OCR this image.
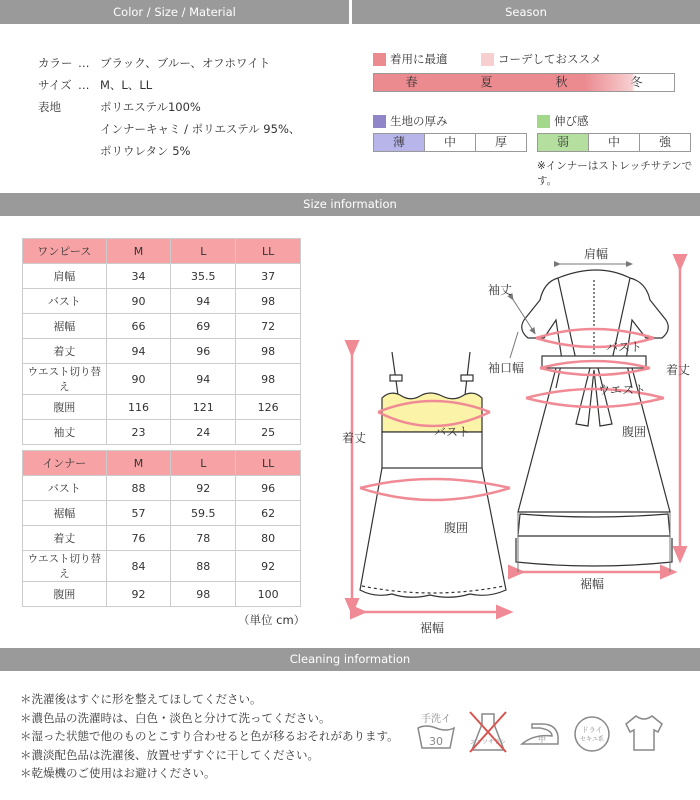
Color / Size / Material	Season
カラー … ブラック、ブルー、オフホワイト
サイズ … M、L、LL
表地	ポリエステル100%
インナーキャミ / ポリエステル 95%、
ポリウレタン 5%
着用に最適	コーデしておススメ
春	夏	秋	冬
生地の厚み	伸び感
薄	中	厚	弱	中	強
※インナーはストレッチサテンです。
Size information
ワンピース	M	L	LL
肩幅	34	35.5	37
バスト	90	94	98
裾幅	66	69	72
着丈	94	96	98
ウエスト切り替え	90	94	98
腹囲	116	121	126
袖丈	23	24	25
インナー	M	L	LL
バスト	88	92	96
裾幅	57	59.5	62
着丈	76	78	80
ウエスト切り替え	84	88	92
腹囲	92	98	100
（単位 cm）
着丈	バスト
腹囲
裾幅
肩幅
袖丈
袖口幅
バスト
ウエスト
腹囲
着丈
裾幅
Cleaning information
＊洗濯後はすぐに形を整えてほしてください。
＊濃色品の洗濯時は、白色・淡色と分けて洗ってください。
＊湿った状態で他のものとこすり合わせると色が移るおそれがあります。
＊濃淡配色品は洗濯後、放置せずすぐに干してください。
＊乾燥機のご使用はお避けください。
手洗イ
30	エンソサラシ	中
ドライ
セキユ系
